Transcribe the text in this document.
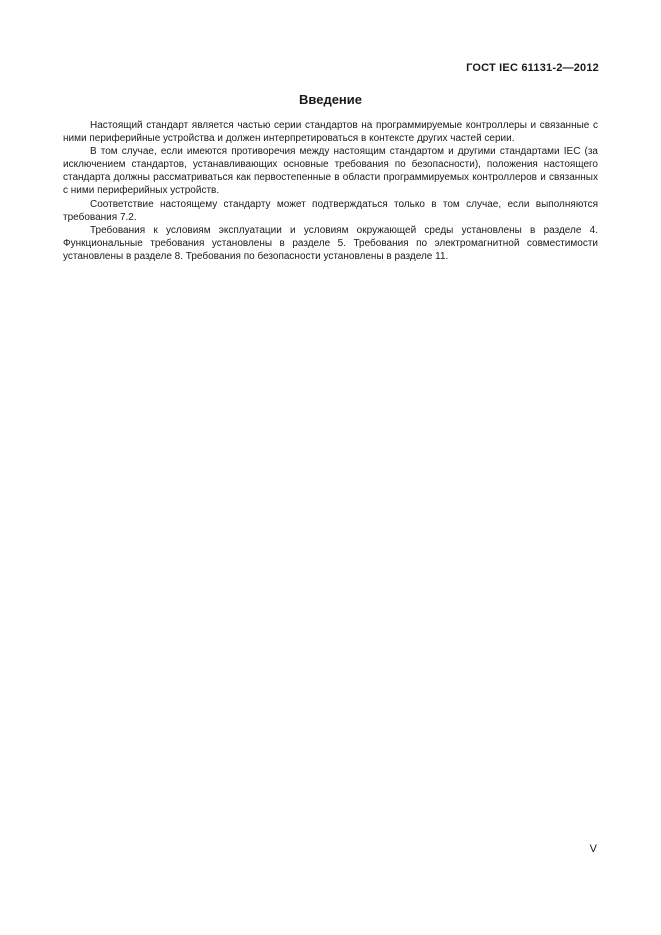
ГОСТ IEC 61131-2—2012
Введение

Настоящий стандарт является частью серии стандартов на программируемые контроллеры и связанные с ними периферийные устройства и должен интерпретироваться в контексте других частей серии.

В том случае, если имеются противоречия между настоящим стандартом и другими стандартами IEC (за исключением стандартов, устанавливающих основные требования по безопасности), положения настоящего стандарта должны рассматриваться как первостепенные в области программируемых контроллеров и связанных с ними периферийных устройств.

Соответствие настоящему стандарту может подтверждаться только в том случае, если выполняются требования 7.2.

Требования к условиям эксплуатации и условиям окружающей среды установлены в разделе 4. Функциональные требования установлены в разделе 5. Требования по электромагнитной совместимости установлены в разделе 8. Требования по безопасности установлены в разделе 11.

V
